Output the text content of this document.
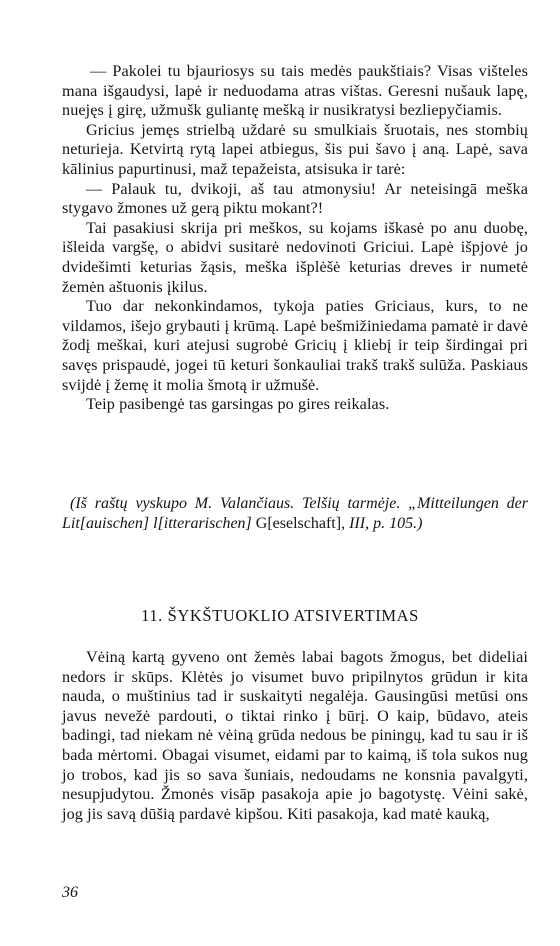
— Pakolei tu bjauriosys su tais medės paukštiais? Visas višteles mana išgaudysi, lapė ir neduodama atras vištas. Geresni nušauk lapę, nuejęs į girę, užmušk guliantę mešką ir nusikratysi bezliepyčiamis.

Gricius jemęs strielbą uždarė su smulkiais šruotais, nes stombių neturieja. Ketvirtą rytą lapei atbiegus, šis pui šavo į aną. Lapė, sava kālinius papurtinusi, maž tepažeista, atsisuka ir tarė:

— Palauk tu, dvikoji, aš tau atmonysiu! Ar neteisingā meška stygavo žmones už gerą piktu mokant?!

Tai pasakiusi skrija pri meškos, su kojams iškasė po anu duobę, išleida vargšę, o abidvi susitarė nedovinoti Griciui. Lapė išpjovė jo dvidešimti keturias žąsis, meška išplėšė keturias dreves ir numetė žemėn aštuonis įkilus.

Tuo dar nekonkindamos, tykoja paties Griciaus, kurs, to ne vildamos, išejo grybauti į krūmą. Lapė bešmižiniedama pamatė ir davė žodį meškai, kuri atejusi sugrobė Gricių į kliebį ir teip širdingai pri savęs prispaudė, jogei tū keturi šonkauliai trakš trakš sulūža. Paskiaus svijdė į žemę it molia šmotą ir užmušė.

Teip pasibengė tas garsingas po gires reikalas.

(Iš raštų vyskupo M. Valančiaus. Telšių tarmėje. „Mitteilungen der Lit[auischen] l[itterarischen] G[eselschaft], III, p. 105.)
11. ŠYKŠTUOKLIO ATSIVERTIMAS

Vėiną kartą gyveno ont žemės labai bagots žmogus, bet dideliai nedors ir skūps. Klėtės jo visumet buvo pripilnytos grūdun ir kita nauda, o muštinius tad ir suskaityti negalėja. Gausingūsi metūsi ons javus nevežė pardouti, o tiktai rinko į būrį. O kaip, būdavo, ateis badingi, tad niekam nė vėiną grūda nedous be piningų, kad tu sau ir iš bada mėrtomi. Obagai visumet, eidami par to kaimą, iš tola sukos nug jo trobos, kad jis so sava šuniais, nedoudams ne konsnia pavalgyti, nesupjudytou. Žmonės visāp pasakoja apie jo bagotystę. Vėini sakė, jog jis savą dūšią pardavė kipšou. Kiti pasakoja, kad matė kauką,

36
